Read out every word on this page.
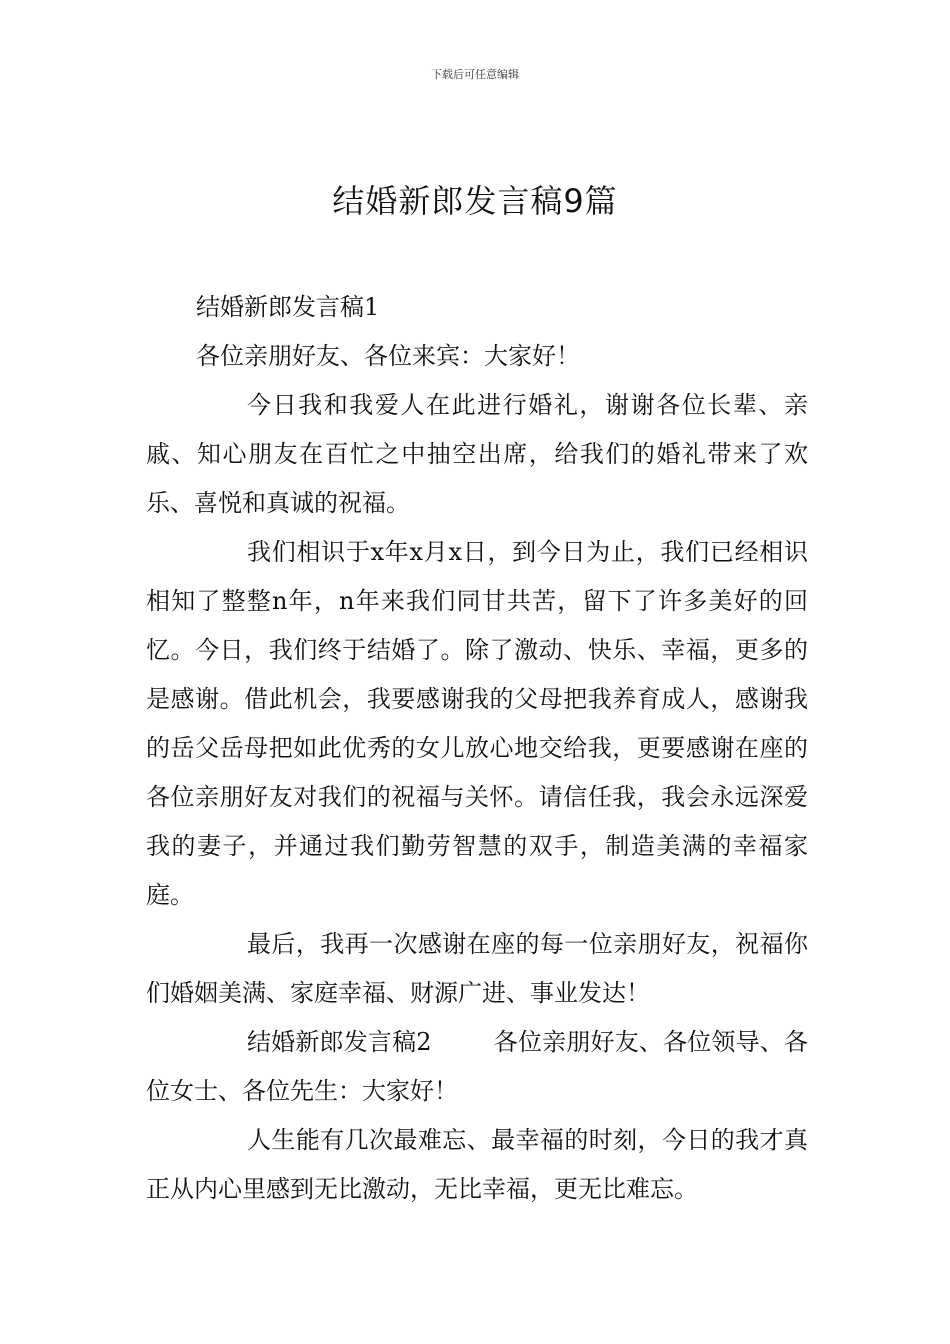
下载后可任意编辑
结婚新郎发言稿9篇

结婚新郎发言稿1

各位亲朋好友、各位来宾：大家好！

今日我和我爱人在此进行婚礼，谢谢各位长辈、亲戚、知心朋友在百忙之中抽空出席，给我们的婚礼带来了欢乐、喜悦和真诚的祝福。

我们相识于x年x月x日，到今日为止，我们已经相识相知了整整n年，n年来我们同甘共苦，留下了许多美好的回忆。今日，我们终于结婚了。除了激动、快乐、幸福，更多的是感谢。借此机会，我要感谢我的父母把我养育成人，感谢我的岳父岳母把如此优秀的女儿放心地交给我，更要感谢在座的各位亲朋好友对我们的祝福与关怀。请信任我，我会永远深爱我的妻子，并通过我们勤劳智慧的双手，制造美满的幸福家庭。

最后，我再一次感谢在座的每一位亲朋好友，祝福你们婚姻美满、家庭幸福、财源广进、事业发达！

结婚新郎发言稿2	各位亲朋好友、各位领导、各位女士、各位先生：大家好！

人生能有几次最难忘、最幸福的时刻，今日的我才真正从内心里感到无比激动，无比幸福，更无比难忘。
